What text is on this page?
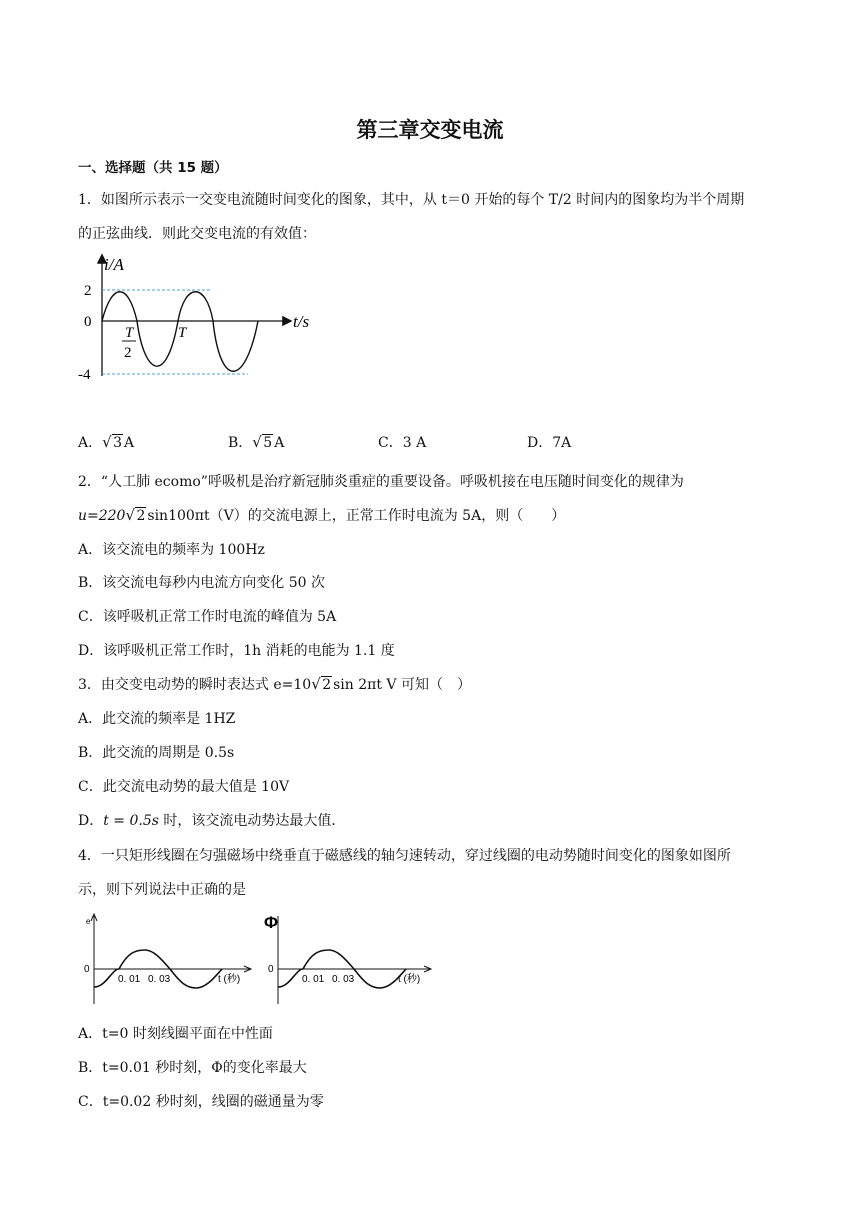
第三章交变电流
一、选择题（共 15 题）
1．如图所示表示一交变电流随时间变化的图象，其中，从 t＝0 开始的每个 T/2 时间内的图象均为半个周期
的正弦曲线．则此交变电流的有效值：
i/A
2
0
-4
t/s
T
2
T
A． √ 3 A	B． √ 5 A	C．3 A	D．7A
2．“人工肺 ecomo”呼吸机是治疗新冠肺炎重症的重要设备。呼吸机接在电压随时间变化的规律为
u=220 √ 2 sin100πt（V）的交流电源上，正常工作时电流为 5A，则（　　）
A．该交流电的频率为 100Hz
B．该交流电每秒内电流方向变化 50 次
C．该呼吸机正常工作时电流的峰值为 5A
D．该呼吸机正常工作时，1h 消耗的电能为 1.1 度
3．由交变电动势的瞬时表达式 e=10 √ 2 sin 2πt V 可知（　）
A．此交流的频率是 1HZ
B．此交流的周期是 0.5s
C．此交流电动势的最大值是 10V
D．t = 0.5s 时，该交流电动势达最大值．
4．一只矩形线圈在匀强磁场中绕垂直于磁感线的轴匀速转动，穿过线圈的电动势随时间变化的图象如图所
示，则下列说法中正确的是
e
0
0. 01 0. 03	t (秒)
Φ
0
0. 01 0. 03	t (秒)
A．t=0 时刻线圈平面在中性面
B．t=0.01 秒时刻，Φ的变化率最大
C．t=0.02 秒时刻，线圈的磁通量为零
